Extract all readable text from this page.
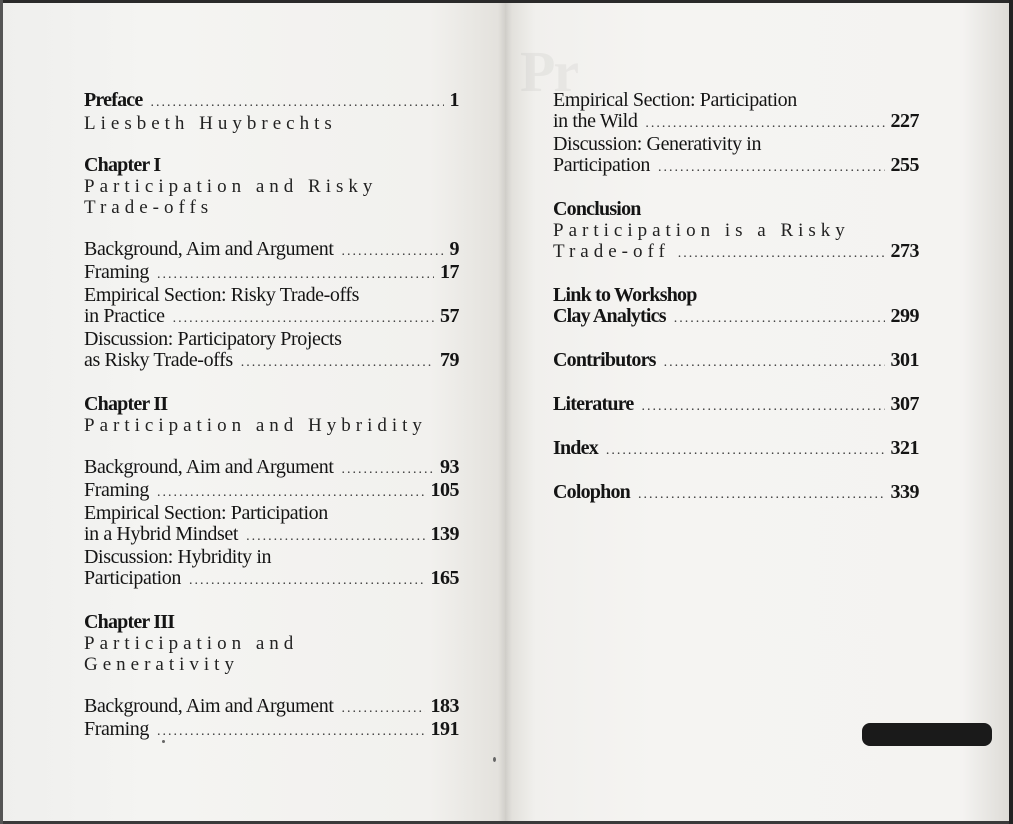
Preface .....	1
Liesbeth Huybrechts
Chapter I
Participation and Risky
Trade-offs
Background, Aim and Argument .....	9
Framing .....	17
Empirical Section: Risky Trade-offs
in Practice .....	57
Discussion: Participatory Projects
as Risky Trade-offs .....	79
Chapter II
Participation and Hybridity
Background, Aim and Argument .....	93
Framing .....	105
Empirical Section: Participation
in a Hybrid Mindset .....	139
Discussion: Hybridity in
Participation .....	165
Chapter III
Participation and
Generativity
Background, Aim and Argument .....	183
Framing .....	191
Empirical Section: Participation
in the Wild .....	227
Discussion: Generativity in
Participation .....	255
Conclusion
Participation is a Risky
Trade-off .....	273
Link to Workshop
Clay Analytics .....	299
Contributors .....	301
Literature .....	307
Index .....	321
Colophon .....	339
